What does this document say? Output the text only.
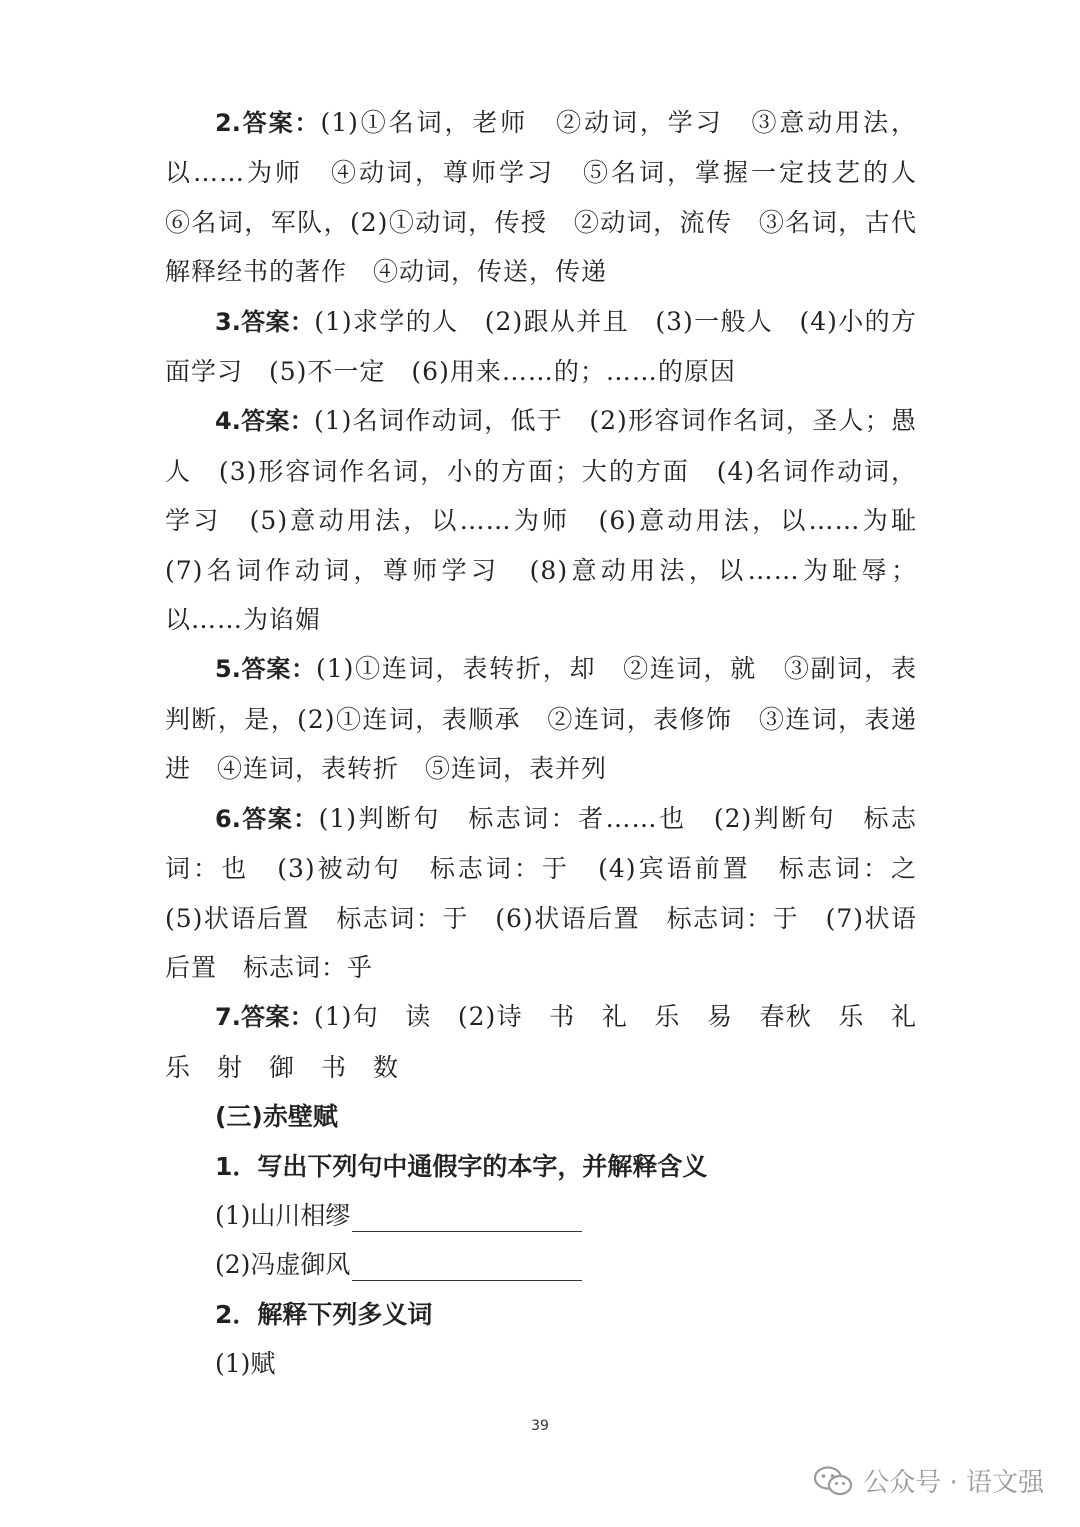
2.答案：(1)①名词，老师　②动词，学习　③意动用法，以……为师　④动词，尊师学习　⑤名词，掌握一定技艺的人　⑥名词，军队，(2)①动词，传授　②动词，流传　③名词，古代解释经书的著作　④动词，传送，传递

3.答案：(1)求学的人　(2)跟从并且　(3)一般人　(4)小的方面学习　(5)不一定　(6)用来……的；……的原因

4.答案：(1)名词作动词，低于　(2)形容词作名词，圣人；愚人　(3)形容词作名词，小的方面；大的方面　(4)名词作动词，学习　(5)意动用法，以……为师　(6)意动用法，以……为耻　(7)名词作动词，尊师学习　(8)意动用法，以……为耻辱；以……为谄媚

5.答案：(1)①连词，表转折，却　②连词，就　③副词，表判断，是，(2)①连词，表顺承　②连词，表修饰　③连词，表递进　④连词，表转折　⑤连词，表并列

6.答案：(1)判断句　标志词：者……也　(2)判断句　标志词：也　(3)被动句　标志词：于　(4)宾语前置　标志词：之　(5)状语后置　标志词：于　(6)状语后置　标志词：于　(7)状语后置　标志词：乎

7.答案：(1)句　读　(2)诗　书　礼　乐　易　春秋　乐　礼　乐　射　御　书　数

(三)赤壁赋

1．写出下列句中通假字的本字，并解释含义

(1)山川相缪

(2)冯虚御风

2．解释下列多义词

(1)赋

39
公众号 · 语文强
